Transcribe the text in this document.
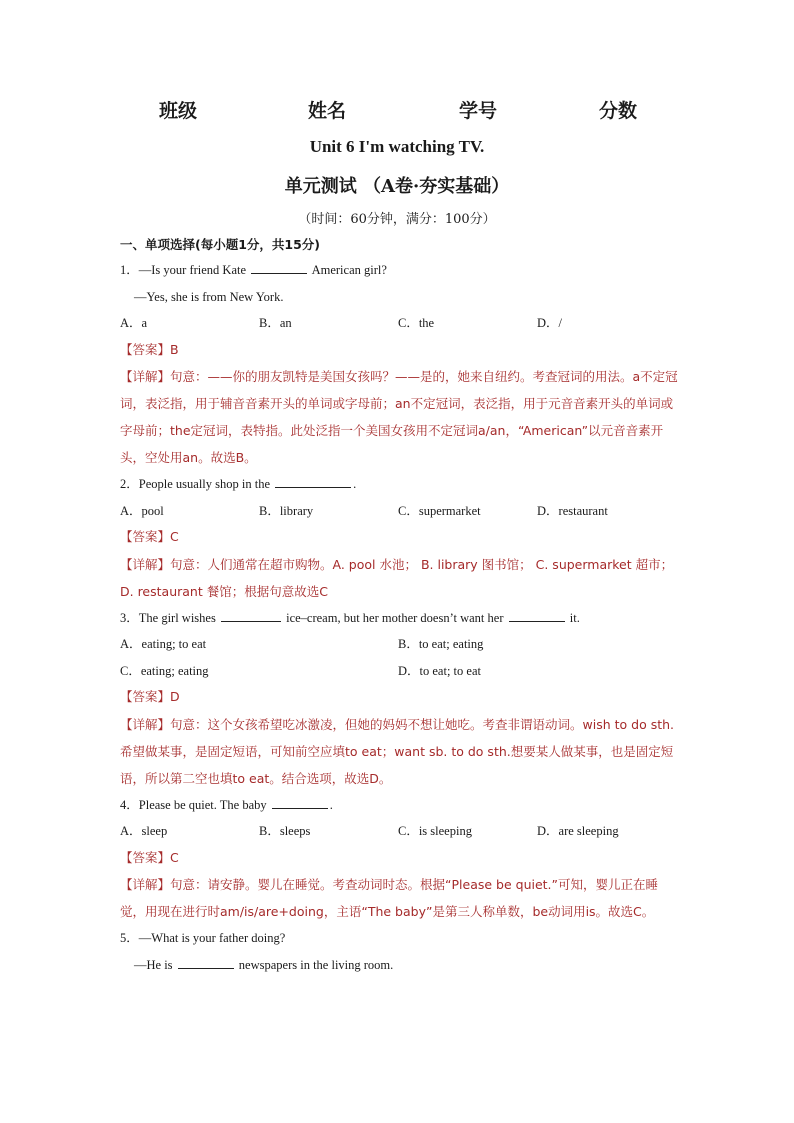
班级	姓名	学号	分数
Unit 6 I'm watching TV.
单元测试 （A卷·夯实基础）
（时间：60分钟，满分：100分）
一、单项选择(每小题1分，共15分)
1．—Is your friend Kate	American girl?
—Yes, she is from New York.
A．a	B．an	C．the	D．/
【答案】B
【详解】句意：——你的朋友凯特是美国女孩吗？——是的，她来自纽约。考查冠词的用法。a不定冠词，表泛指，用于辅音音素开头的单词或字母前；an不定冠词，表泛指，用于元音音素开头的单词或字母前；the定冠词，表特指。此处泛指一个美国女孩用不定冠词a/an，“American”以元音音素开头，空处用an。故选B。
2．People usually shop in the	.
A．pool	B．library	C．supermarket	D．restaurant
【答案】C
【详解】句意：人们通常在超市购物。A. pool 水池； B. library 图书馆； C. supermarket 超市； D. restaurant 餐馆；根据句意故选C
3．The girl wishes	ice–cream, but her mother doesn’t want her	it.
A．eating; to eat	B．to eat; eating
C．eating; eating	D．to eat; to eat
【答案】D
【详解】句意：这个女孩希望吃冰激凌，但她的妈妈不想让她吃。考查非谓语动词。wish to do sth.希望做某事，是固定短语，可知前空应填to eat；want sb. to do sth.想要某人做某事，也是固定短语，所以第二空也填to eat。结合选项，故选D。
4．Please be quiet. The baby	.
A．sleep	B．sleeps	C．is sleeping	D．are sleeping
【答案】C
【详解】句意：请安静。婴儿在睡觉。考查动词时态。根据“Please be quiet.”可知，婴儿正在睡觉，用现在进行时am/is/are+doing，主语“The baby”是第三人称单数，be动词用is。故选C。
5．—What is your father doing?
—He is	newspapers in the living room.
